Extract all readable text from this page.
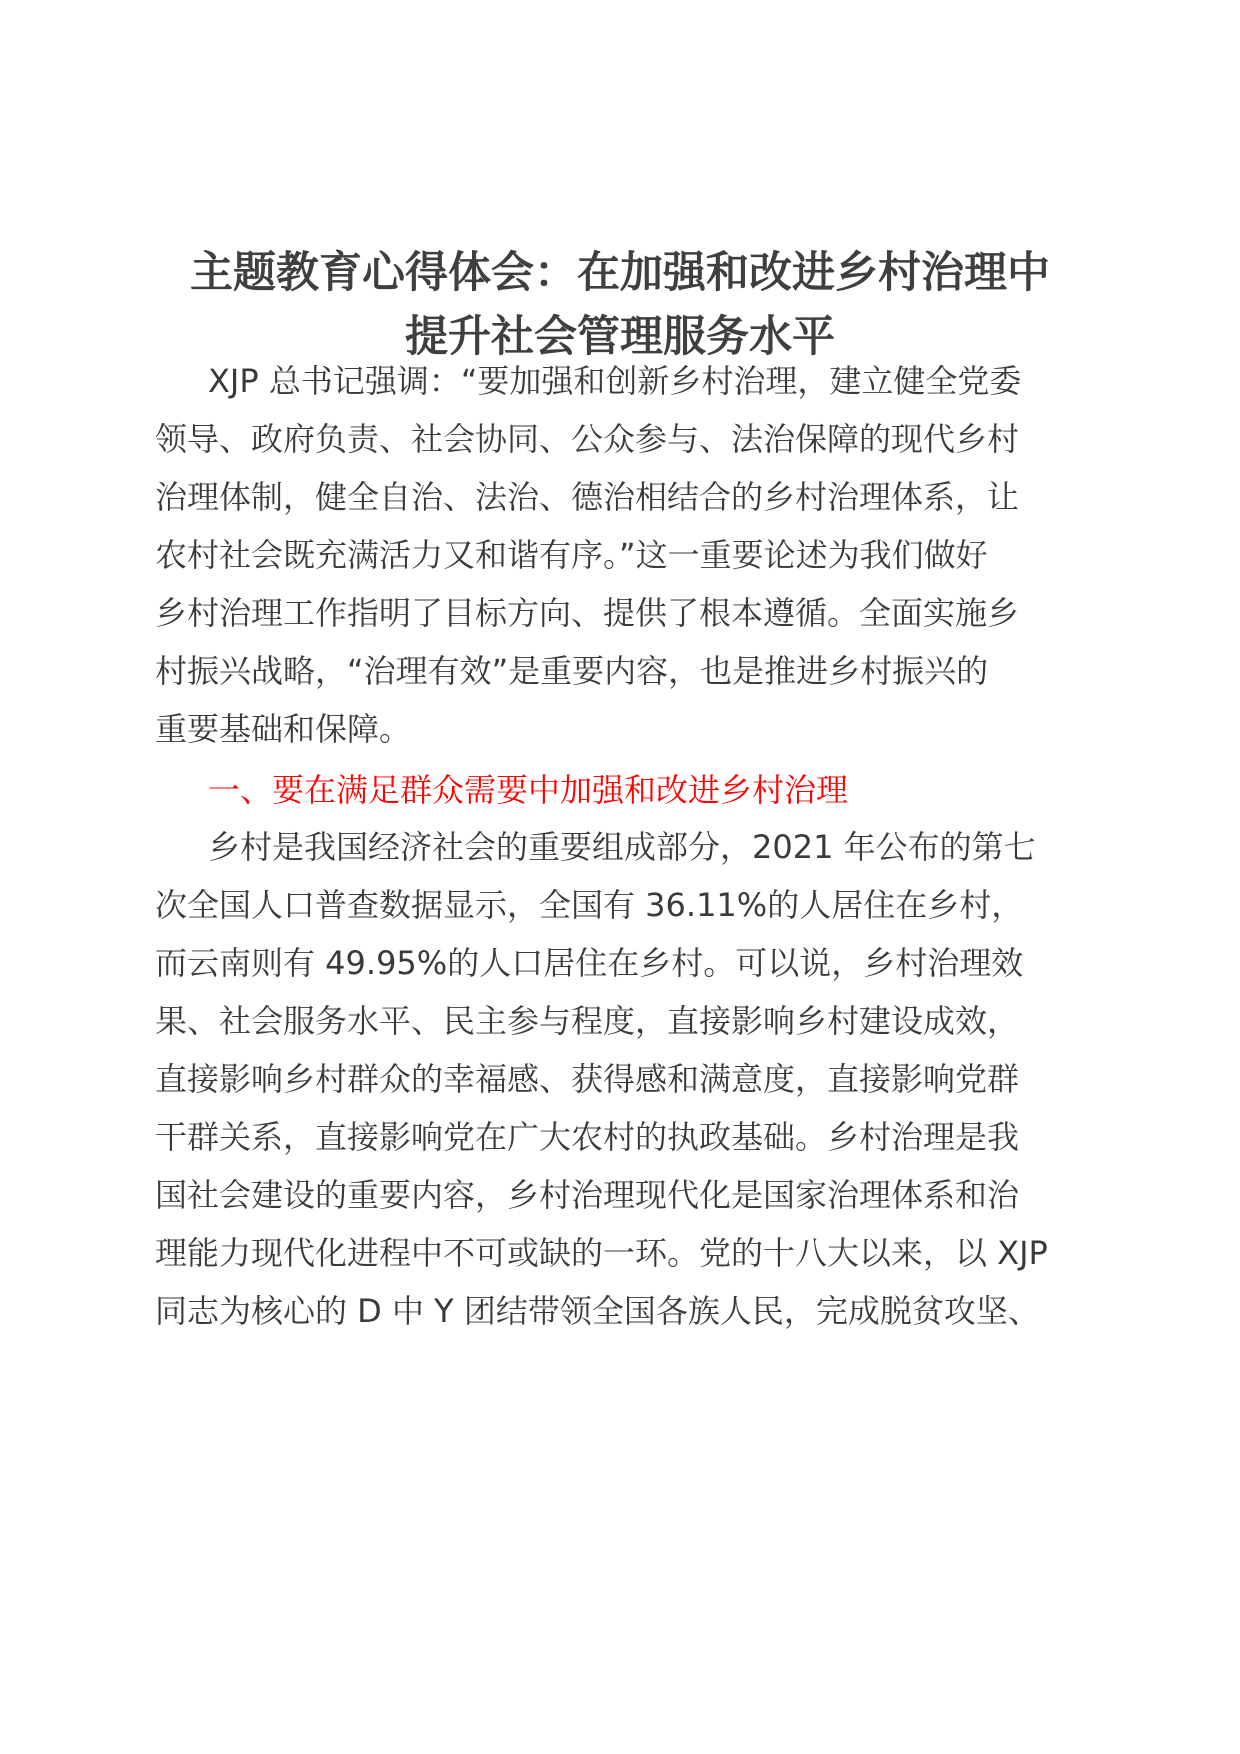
主题教育心得体会：在加强和改进乡村治理中
提升社会管理服务水平
XJP 总书记强调：“要加强和创新乡村治理，建立健全党委
领导、政府负责、社会协同、公众参与、法治保障的现代乡村
治理体制，健全自治、法治、德治相结合的乡村治理体系，让
农村社会既充满活力又和谐有序。”这一重要论述为我们做好
乡村治理工作指明了目标方向、提供了根本遵循。全面实施乡
村振兴战略，“治理有效”是重要内容，也是推进乡村振兴的
重要基础和保障。
一、要在满足群众需要中加强和改进乡村治理
乡村是我国经济社会的重要组成部分，2021 年公布的第七
次全国人口普查数据显示，全国有 36.11%的人居住在乡村，
而云南则有 49.95%的人口居住在乡村。可以说，乡村治理效
果、社会服务水平、民主参与程度，直接影响乡村建设成效，
直接影响乡村群众的幸福感、获得感和满意度，直接影响党群
干群关系，直接影响党在广大农村的执政基础。乡村治理是我
国社会建设的重要内容，乡村治理现代化是国家治理体系和治
理能力现代化进程中不可或缺的一环。党的十八大以来，以 XJP
同志为核心的 D 中 Y 团结带领全国各族人民，完成脱贫攻坚、
